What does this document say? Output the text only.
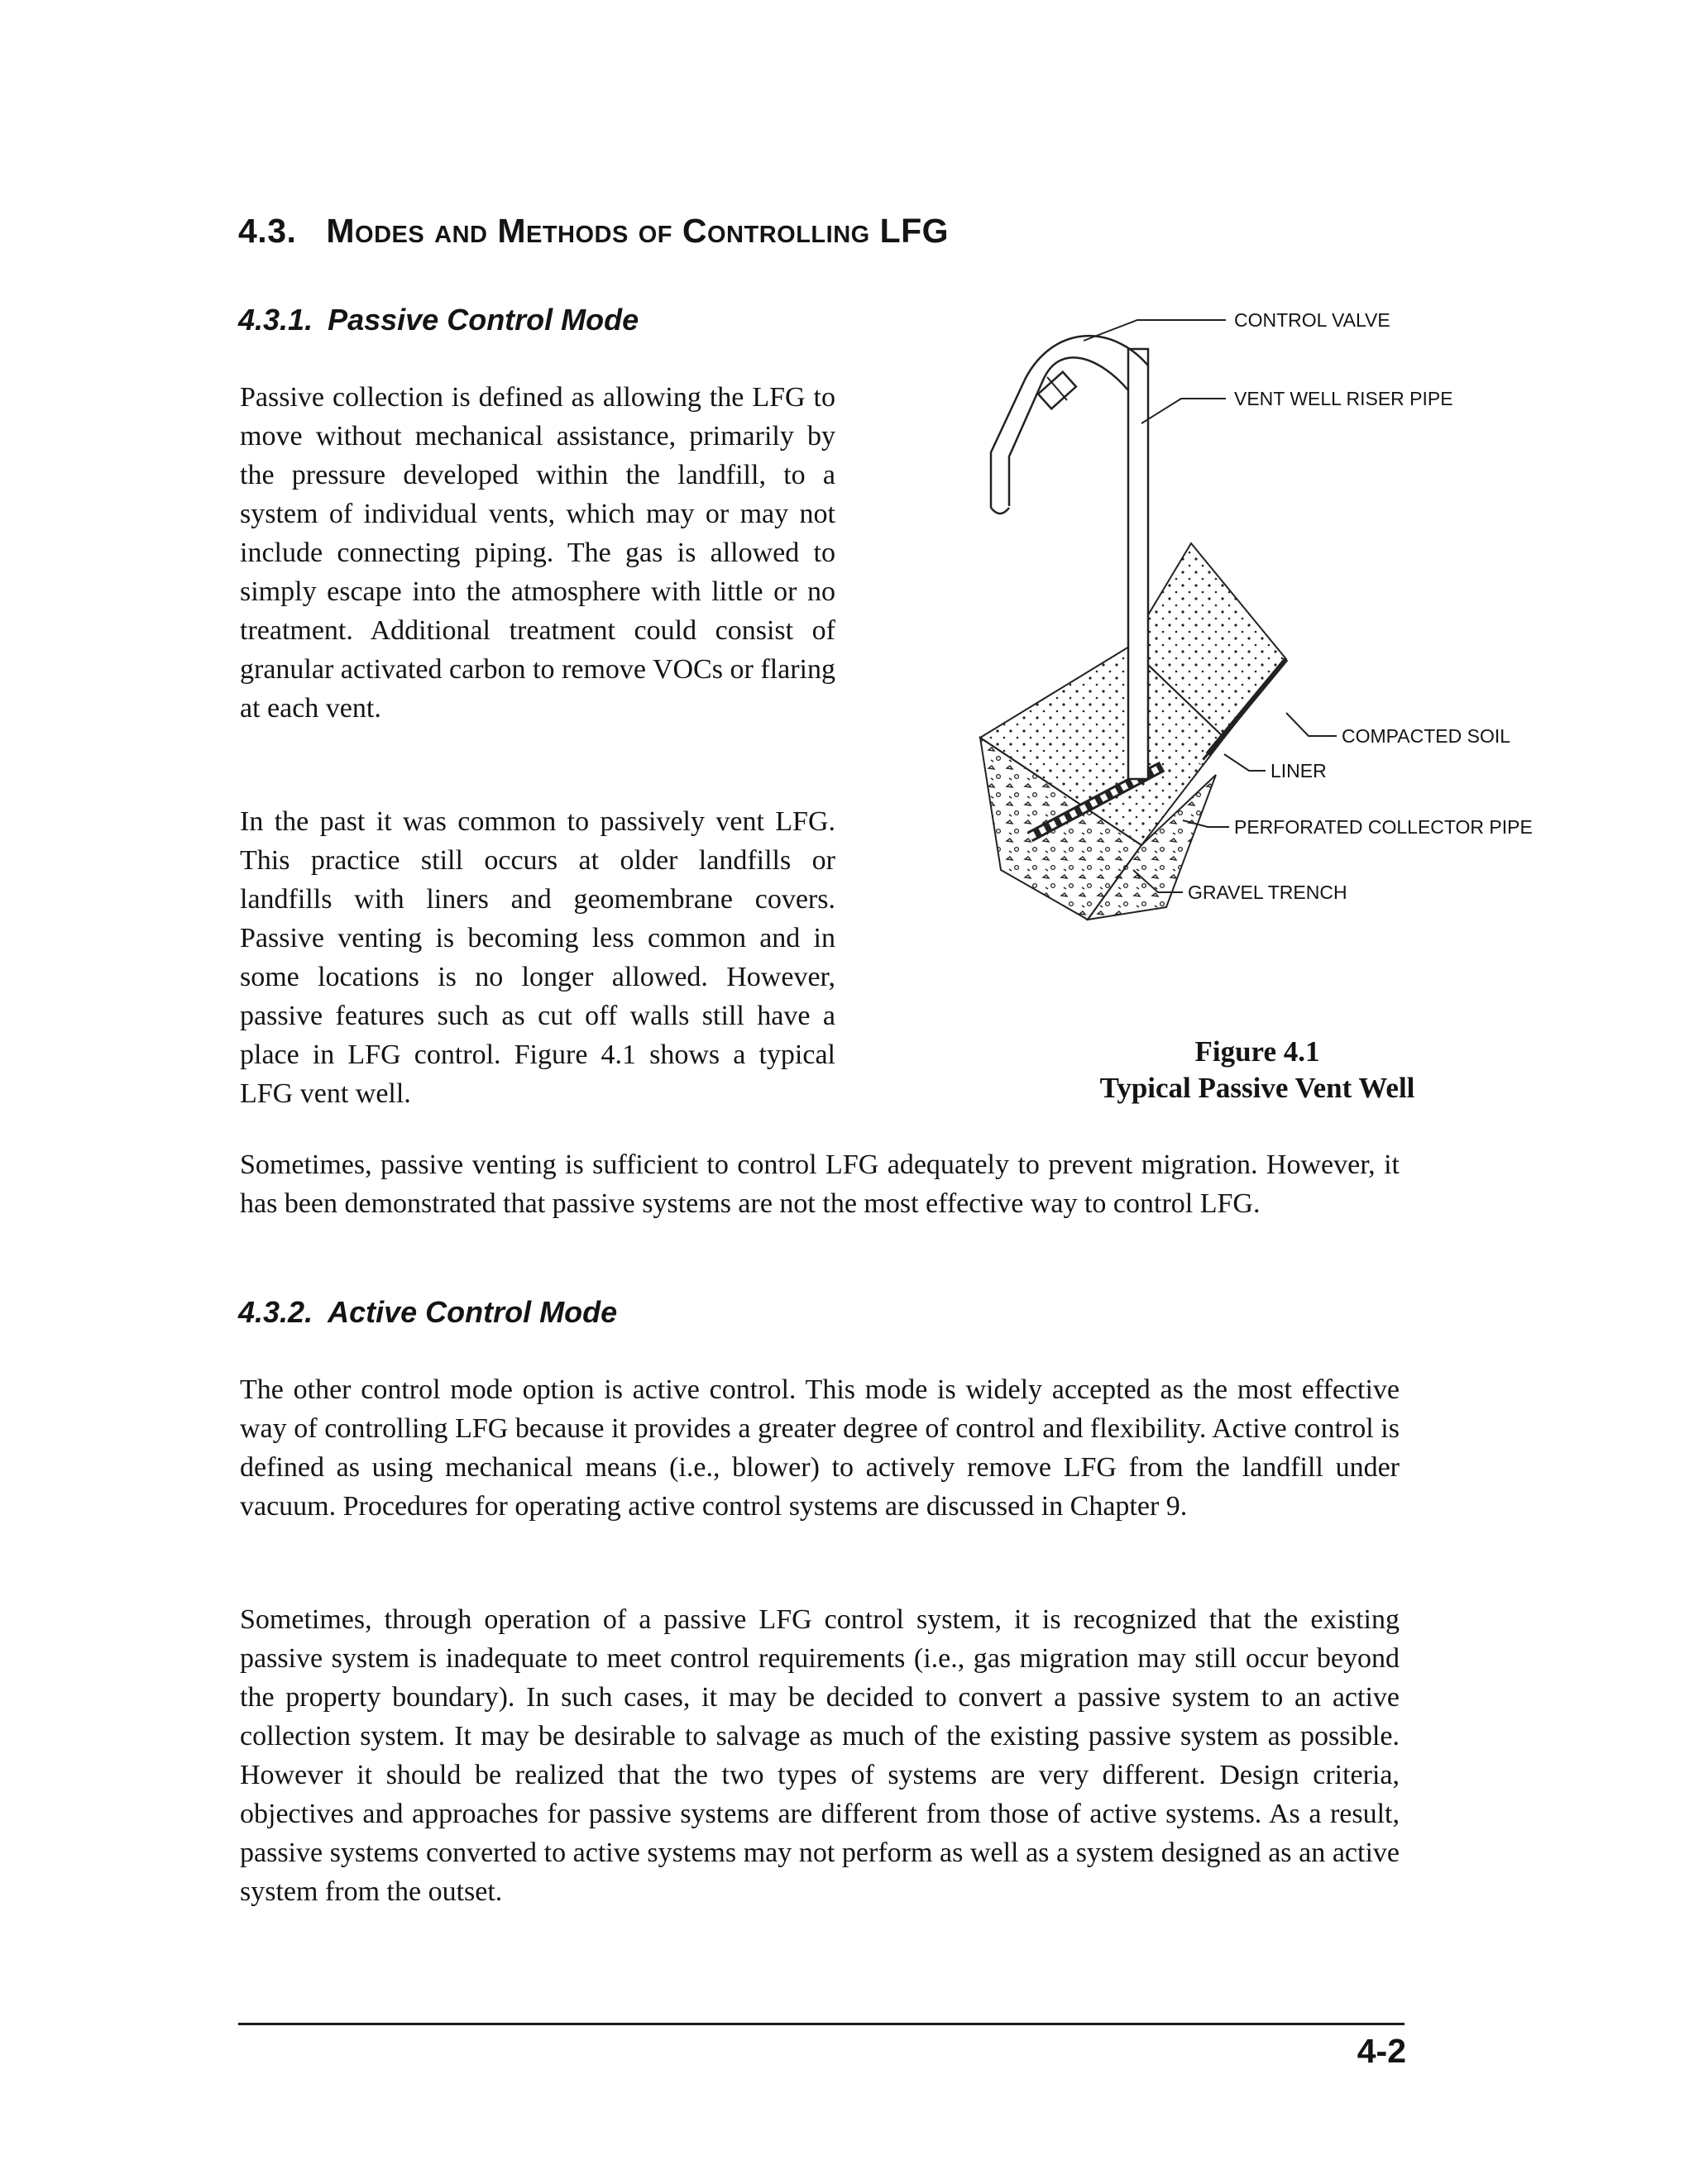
4.3. Modes and Methods of Controlling LFG
4.3.1. Passive Control Mode

Passive collection is defined as allowing the LFG to move without mechanical assistance, primarily by the pressure developed within the landfill, to a system of individual vents, which may or may not include connecting piping. The gas is allowed to simply escape into the atmosphere with little or no treatment. Additional treatment could consist of granular activated carbon to remove VOCs or flaring at each vent.

In the past it was common to passively vent LFG. This practice still occurs at older landfills or landfills with liners and geomembrane covers. Passive venting is becoming less common and in some locations is no longer allowed. However, passive features such as cut off walls still have a place in LFG control. Figure 4.1 shows a typical LFG vent well.

CONTROL VALVE
VENT WELL RISER PIPE
COMPACTED SOIL
LINER
PERFORATED COLLECTOR PIPE
GRAVEL TRENCH

Figure 4.1
Typical Passive Vent Well

Sometimes, passive venting is sufficient to control LFG adequately to prevent migration. However, it has been demonstrated that passive systems are not the most effective way to control LFG.

4.3.2. Active Control Mode

The other control mode option is active control. This mode is widely accepted as the most effective way of controlling LFG because it provides a greater degree of control and flexibility. Active control is defined as using mechanical means (i.e., blower) to actively remove LFG from the landfill under vacuum. Procedures for operating active control systems are discussed in Chapter 9.

Sometimes, through operation of a passive LFG control system, it is recognized that the existing passive system is inadequate to meet control requirements (i.e., gas migration may still occur beyond the property boundary). In such cases, it may be decided to convert a passive system to an active collection system. It may be desirable to salvage as much of the existing passive system as possible. However it should be realized that the two types of systems are very different. Design criteria, objectives and approaches for passive systems are different from those of active systems. As a result, passive systems converted to active systems may not perform as well as a system designed as an active system from the outset.

4-2
